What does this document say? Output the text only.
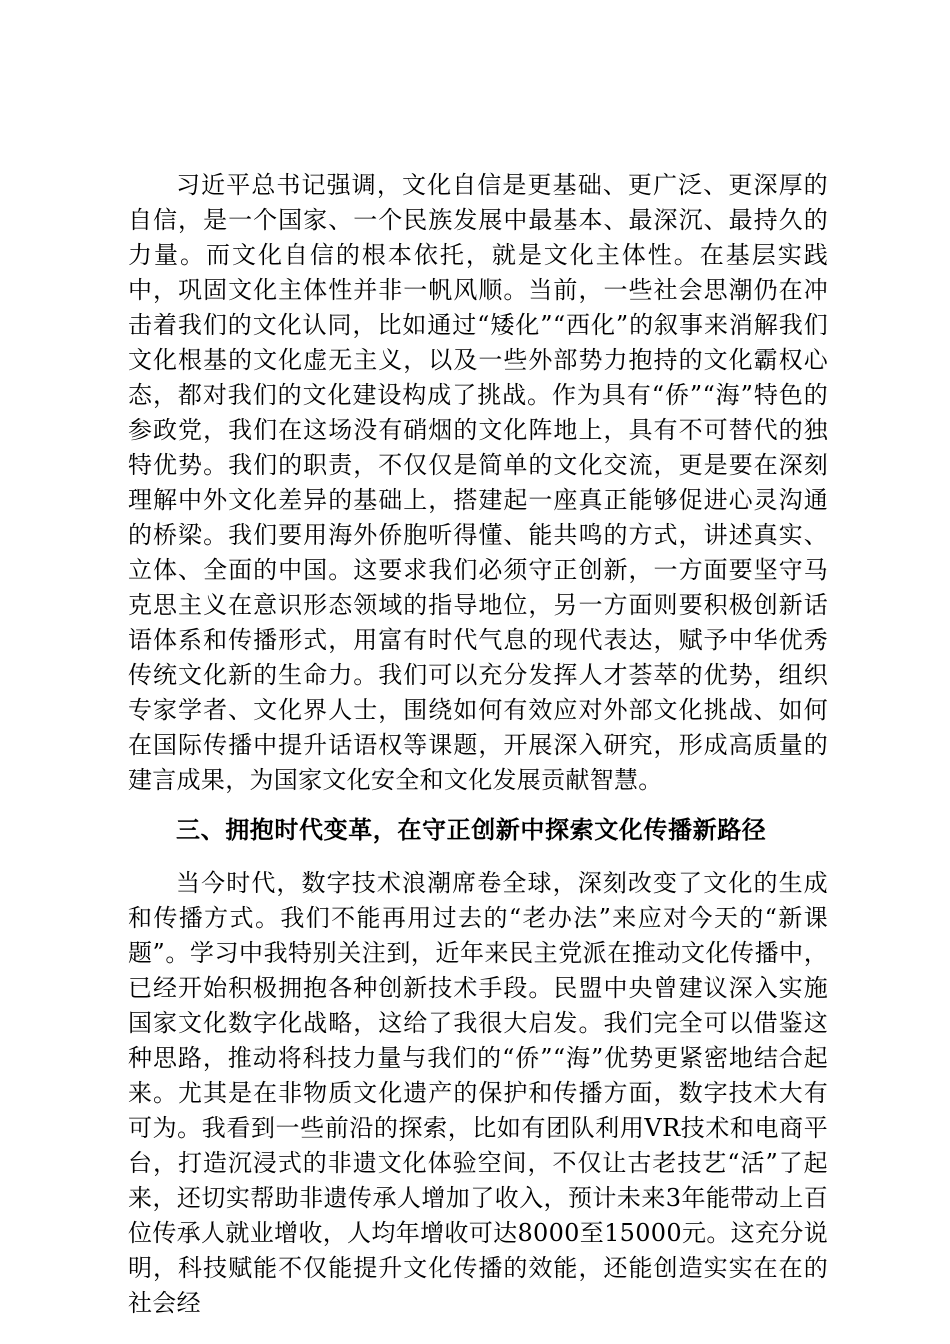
习近平总书记强调，文化自信是更基础、更广泛、更深厚的自信，是一个国家、一个民族发展中最基本、最深沉、最持久的力量。而文化自信的根本依托，就是文化主体性。在基层实践中，巩固文化主体性并非一帆风顺。当前，一些社会思潮仍在冲击着我们的文化认同，比如通过“矮化”“西化”的叙事来消解我们文化根基的文化虚无主义，以及一些外部势力抱持的文化霸权心态，都对我们的文化建设构成了挑战。作为具有“侨”“海”特色的参政党，我们在这场没有硝烟的文化阵地上，具有不可替代的独特优势。我们的职责，不仅仅是简单的文化交流，更是要在深刻理解中外文化差异的基础上，搭建起一座真正能够促进心灵沟通的桥梁。我们要用海外侨胞听得懂、能共鸣的方式，讲述真实、立体、全面的中国。这要求我们必须守正创新，一方面要坚守马克思主义在意识形态领域的指导地位，另一方面则要积极创新话语体系和传播形式，用富有时代气息的现代表达，赋予中华优秀传统文化新的生命力。我们可以充分发挥人才荟萃的优势，组织专家学者、文化界人士，围绕如何有效应对外部文化挑战、如何在国际传播中提升话语权等课题，开展深入研究，形成高质量的建言成果，为国家文化安全和文化发展贡献智慧。

三、拥抱时代变革，在守正创新中探索文化传播新路径

当今时代，数字技术浪潮席卷全球，深刻改变了文化的生成和传播方式。我们不能再用过去的“老办法”来应对今天的“新课题”。学习中我特别关注到，近年来民主党派在推动文化传播中，已经开始积极拥抱各种创新技术手段。民盟中央曾建议深入实施国家文化数字化战略，这给了我很大启发。我们完全可以借鉴这种思路，推动将科技力量与我们的“侨”“海”优势更紧密地结合起来。尤其是在非物质文化遗产的保护和传播方面，数字技术大有可为。我看到一些前沿的探索，比如有团队利用VR技术和电商平台，打造沉浸式的非遗文化体验空间，不仅让古老技艺“活”了起来，还切实帮助非遗传承人增加了收入，预计未来3年能带动上百位传承人就业增收，人均年增收可达8000至15000元。这充分说明，科技赋能不仅能提升文化传播的效能，还能创造实实在在的社会经
